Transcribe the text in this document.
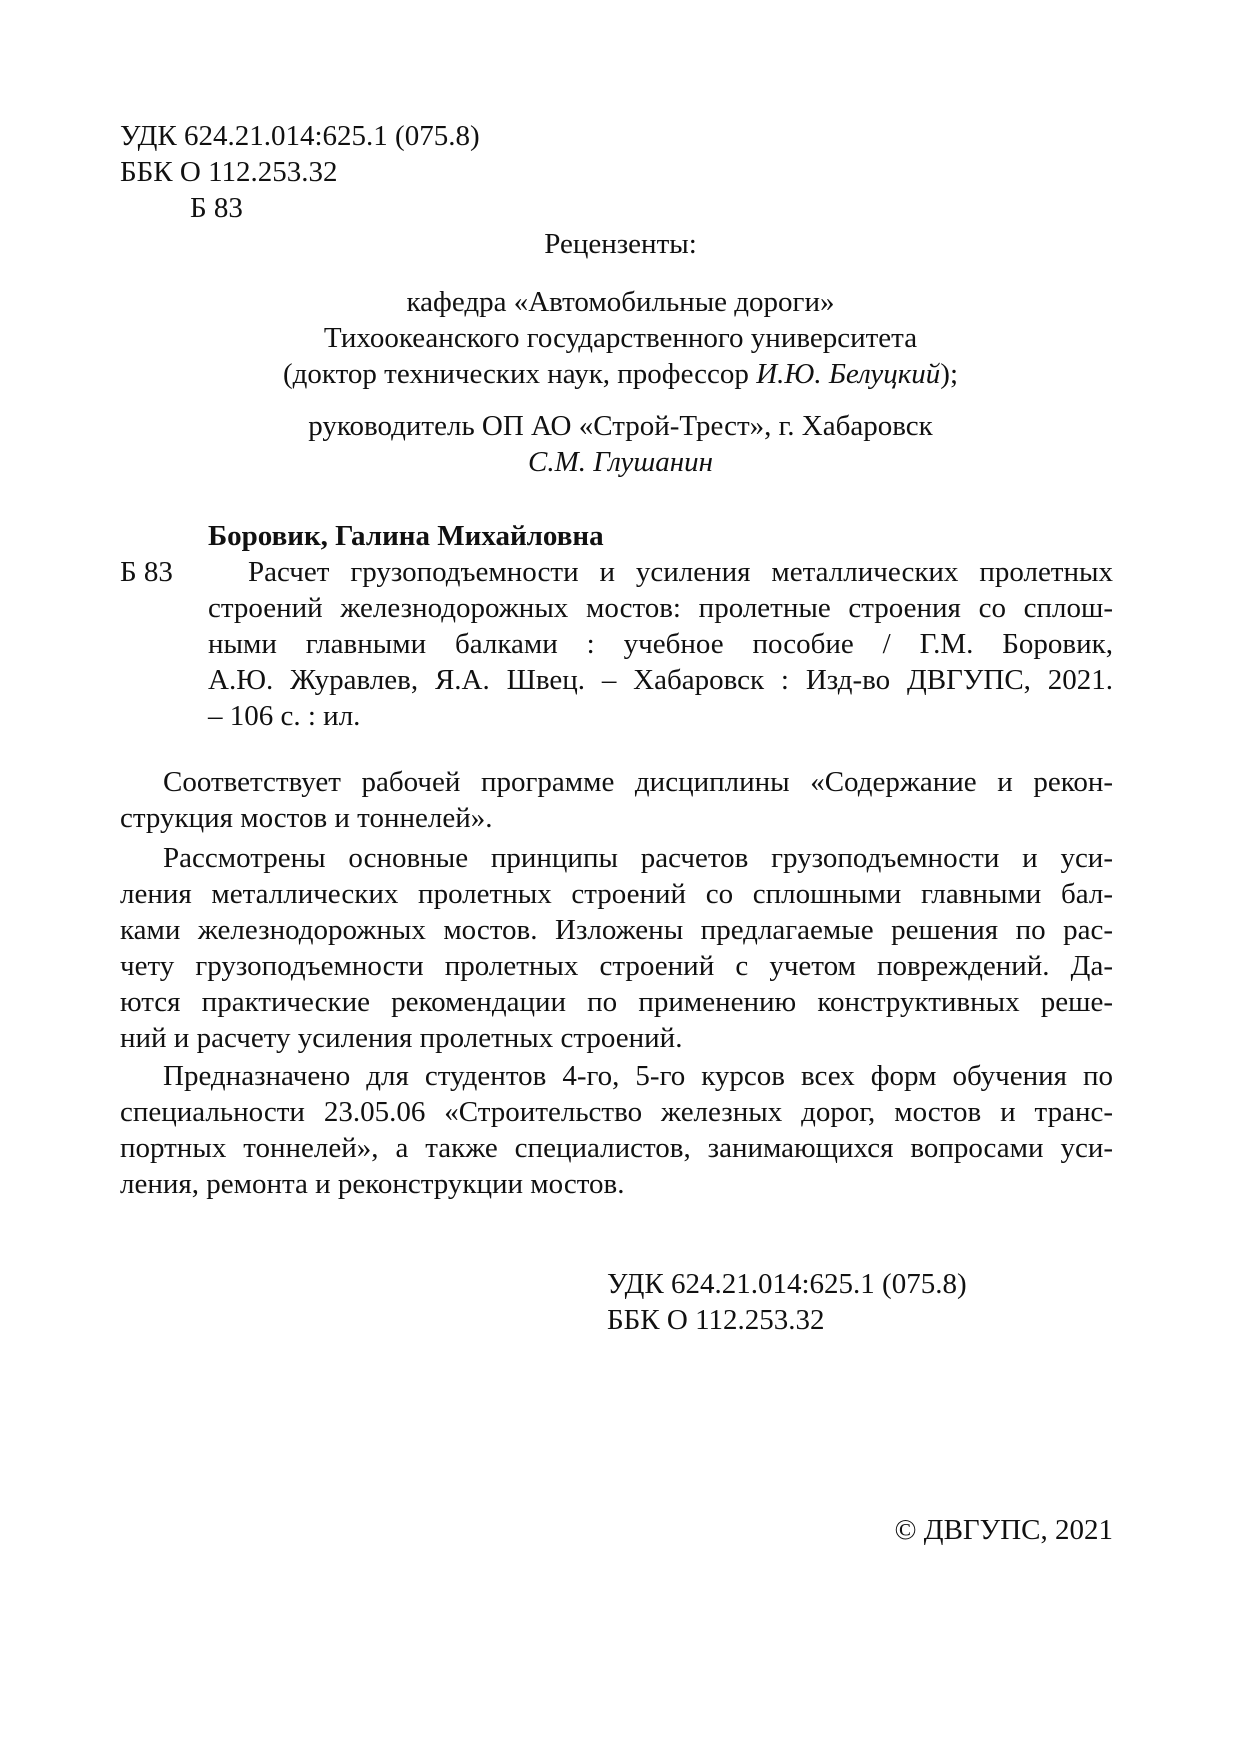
УДК 624.21.014:625.1 (075.8)
ББК О 112.253.32
Б 83
Рецензенты:
кафедра «Автомобильные дороги»
Тихоокеанского государственного университета
(доктор технических наук, профессор И.Ю. Белуцкий);
руководитель ОП АО «Строй-Трест», г. Хабаровск
С.М. Глушанин
Боровик, Галина Михайловна
Б 83	Расчет грузоподъемности и усиления металлических пролетных
строений железнодорожных мостов: пролетные строения со сплош-
ными главными балками : учебное пособие / Г.М. Боровик,
А.Ю. Журавлев, Я.А. Швец. – Хабаровск : Изд-во ДВГУПС, 2021.
– 106 с. : ил.
Соответствует рабочей программе дисциплины «Содержание и рекон-
струкция мостов и тоннелей».
Рассмотрены основные принципы расчетов грузоподъемности и уси-
ления металлических пролетных строений со сплошными главными бал-
ками железнодорожных мостов. Изложены предлагаемые решения по рас-
чету грузоподъемности пролетных строений с учетом повреждений. Да-
ются практические рекомендации по применению конструктивных реше-
ний и расчету усиления пролетных строений.
Предназначено для студентов 4-го, 5-го курсов всех форм обучения по
специальности 23.05.06 «Строительство железных дорог, мостов и транс-
портных тоннелей», а также специалистов, занимающихся вопросами уси-
ления, ремонта и реконструкции мостов.
УДК 624.21.014:625.1 (075.8)
ББК О 112.253.32
© ДВГУПС, 2021
